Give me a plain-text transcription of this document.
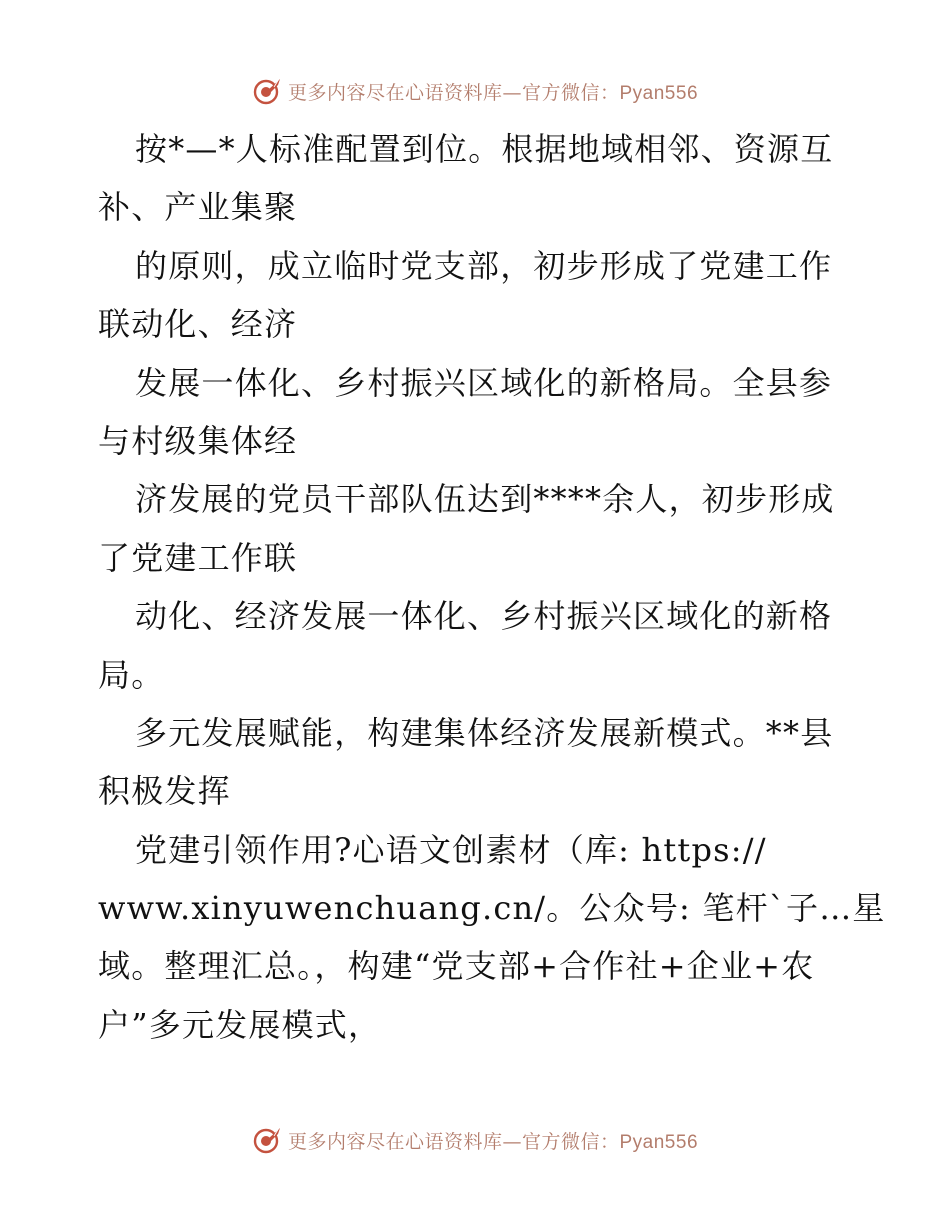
更多内容尽在心语资料库—官方微信：Pyan556
按*—*人标准配置到位。根据地域相邻、资源互
补、产业集聚
的原则，成立临时党支部，初步形成了党建工作
联动化、经济
发展一体化、乡村振兴区域化的新格局。全县参
与村级集体经
济发展的党员干部队伍达到****余人，初步形成
了党建工作联
动化、经济发展一体化、乡村振兴区域化的新格
局。
多元发展赋能，构建集体经济发展新模式。**县
积极发挥
党建引领作用?心语文创素材（库: https://
www.xinyuwenchuang.cn/。公众号: 笔杆`子…星
域。整理汇总。，构建“党支部+合作社+企业+农
户”多元发展模式，
更多内容尽在心语资料库—官方微信：Pyan556
